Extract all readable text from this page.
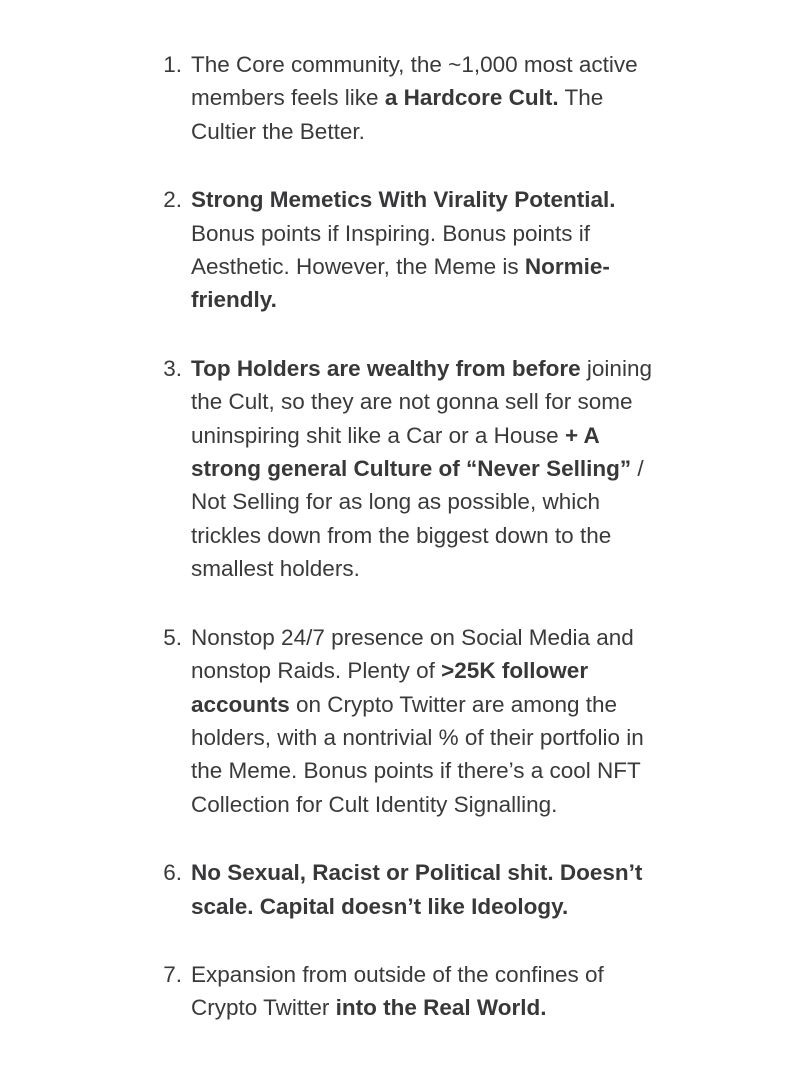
1. The Core community, the ~1,000 most active members feels like a Hardcore Cult. The Cultier the Better.
2. Strong Memetics With Virality Potential. Bonus points if Inspiring. Bonus points if Aesthetic. However, the Meme is Normie-friendly.
3. Top Holders are wealthy from before joining the Cult, so they are not gonna sell for some uninspiring shit like a Car or a House + A strong general Culture of “Never Selling” / Not Selling for as long as possible, which trickles down from the biggest down to the smallest holders.
5. Nonstop 24/7 presence on Social Media and nonstop Raids. Plenty of >25K follower accounts on Crypto Twitter are among the holders, with a nontrivial % of their portfolio in the Meme. Bonus points if there’s a cool NFT Collection for Cult Identity Signalling.
6. No Sexual, Racist or Political shit. Doesn’t scale. Capital doesn’t like Ideology.
7. Expansion from outside of the confines of Crypto Twitter into the Real World.
